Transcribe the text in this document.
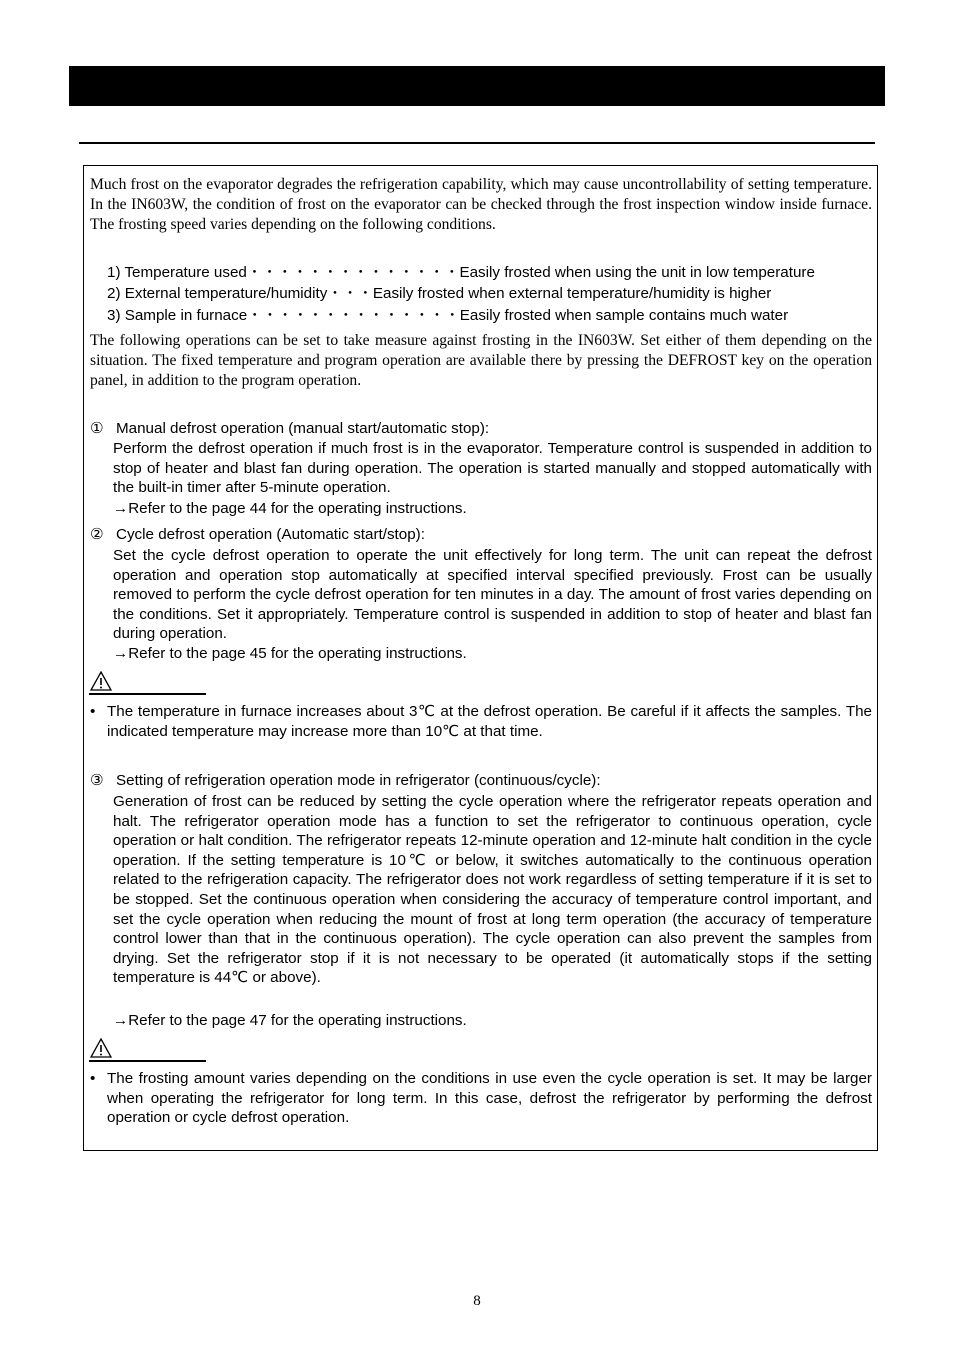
Much frost on the evaporator degrades the refrigeration capability, which may cause uncontrollability of setting temperature. In the IN603W, the condition of frost on the evaporator can be checked through the frost inspection window inside furnace. The frosting speed varies depending on the following conditions.
1) Temperature used・・・・・・・・・・・・・・Easily frosted when using the unit in low temperature
2) External temperature/humidity・・・Easily frosted when external temperature/humidity is higher
3) Sample in furnace・・・・・・・・・・・・・・Easily frosted when sample contains much water
The following operations can be set to take measure against frosting in the IN603W. Set either of them depending on the situation. The fixed temperature and program operation are available there by pressing the DEFROST key on the operation panel, in addition to the program operation.
① Manual defrost operation (manual start/automatic stop):
Perform the defrost operation if much frost is in the evaporator. Temperature control is suspended in addition to stop of heater and blast fan during operation. The operation is started manually and stopped automatically with the built-in timer after 5-minute operation.
→Refer to the page 44 for the operating instructions.
② Cycle defrost operation (Automatic start/stop):
Set the cycle defrost operation to operate the unit effectively for long term. The unit can repeat the defrost operation and operation stop automatically at specified interval specified previously. Frost can be usually removed to perform the cycle defrost operation for ten minutes in a day. The amount of frost varies depending on the conditions. Set it appropriately. Temperature control is suspended in addition to stop of heater and blast fan during operation.
→Refer to the page 45 for the operating instructions.
• The temperature in furnace increases about 3℃ at the defrost operation. Be careful if it affects the samples. The indicated temperature may increase more than 10℃ at that time.
③ Setting of refrigeration operation mode in refrigerator (continuous/cycle):
Generation of frost can be reduced by setting the cycle operation where the refrigerator repeats operation and halt. The refrigerator operation mode has a function to set the refrigerator to continuous operation, cycle operation or halt condition. The refrigerator repeats 12-minute operation and 12-minute halt condition in the cycle operation. If the setting temperature is 10℃ or below, it switches automatically to the continuous operation related to the refrigeration capacity. The refrigerator does not work regardless of setting temperature if it is set to be stopped. Set the continuous operation when considering the accuracy of temperature control important, and set the cycle operation when reducing the mount of frost at long term operation (the accuracy of temperature control lower than that in the continuous operation). The cycle operation can also prevent the samples from drying. Set the refrigerator stop if it is not necessary to be operated (it automatically stops if the setting temperature is 44℃ or above).
→Refer to the page 47 for the operating instructions.
• The frosting amount varies depending on the conditions in use even the cycle operation is set. It may be larger when operating the refrigerator for long term. In this case, defrost the refrigerator by performing the defrost operation or cycle defrost operation.
8
